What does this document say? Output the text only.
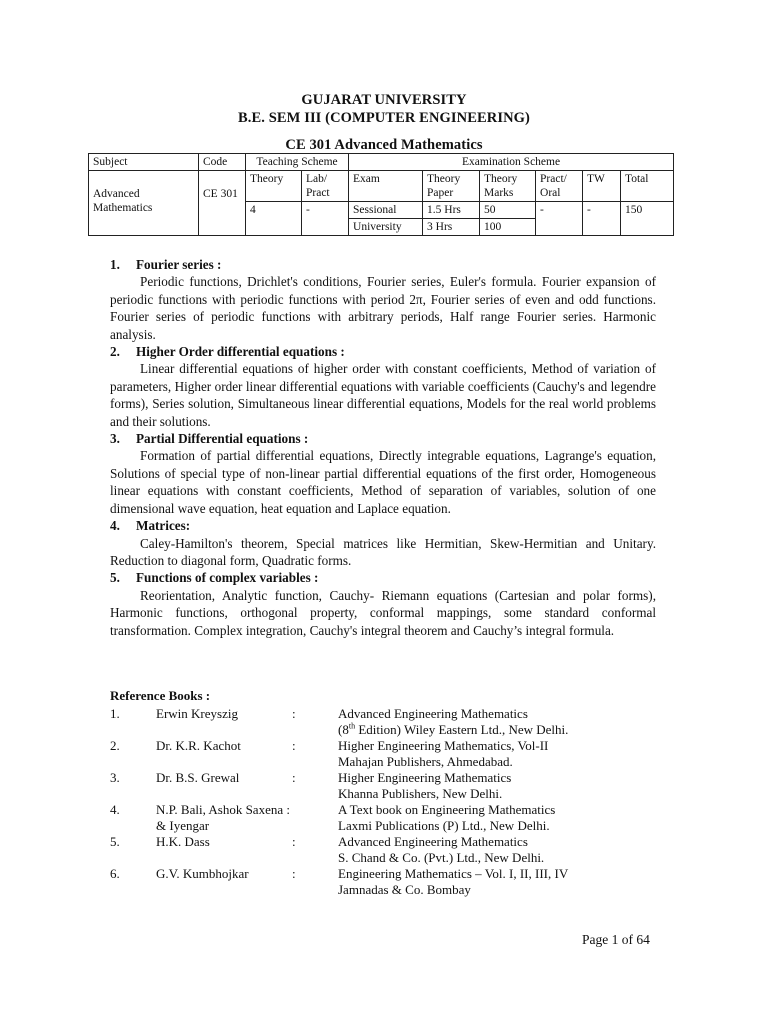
GUJARAT UNIVERSITY
B.E. SEM III (COMPUTER ENGINEERING)
CE 301 Advanced Mathematics
Subject	Code	Teaching Scheme		Examination Scheme					
Advanced Mathematics	CE 301	Theory	Lab/ Pract	Exam	Theory Paper	Theory Marks	Pract/ Oral	TW	Total
		4	-	Sessional	1.5 Hrs	50	-	-	150
				University	3 Hrs	100			

1. Fourier series :

Periodic functions, Drichlet's conditions, Fourier series, Euler's formula. Fourier expansion of periodic functions with periodic functions with period 2π, Fourier series of even and odd functions. Fourier series of periodic functions with arbitrary periods, Half range Fourier series. Harmonic analysis.

2. Higher Order differential equations :

Linear differential equations of higher order with constant coefficients, Method of variation of parameters, Higher order linear differential equations with variable coefficients (Cauchy's and legendre forms), Series solution, Simultaneous linear differential equations, Models for the real world problems and their solutions.

3. Partial Differential equations :

Formation of partial differential equations, Directly integrable equations, Lagrange's equation, Solutions of special type of non-linear partial differential equations of the first order, Homogeneous linear equations with constant coefficients, Method of separation of variables, solution of one dimensional wave equation, heat equation and Laplace equation.

4. Matrices:

Caley-Hamilton's theorem, Special matrices like Hermitian, Skew-Hermitian and Unitary. Reduction to diagonal form, Quadratic forms.

5. Functions of complex variables :

Reorientation, Analytic function, Cauchy- Riemann equations (Cartesian and polar forms), Harmonic functions, orthogonal property, conformal mappings, some standard conformal transformation. Complex integration, Cauchy's integral theorem and Cauchy’s integral formula.

Reference Books :

1.	Erwin Kreyszig	:	Advanced Engineering Mathematics
(8th Edition) Wiley Eastern Ltd., New Delhi.
2.	Dr. K.R. Kachot	:	Higher Engineering Mathematics, Vol-II
Mahajan Publishers, Ahmedabad.
3.	Dr. B.S. Grewal	:	Higher Engineering Mathematics
Khanna Publishers, New Delhi.
4.	N.P. Bali, Ashok Saxena :	A Text book on Engineering Mathematics
& Iyengar	Laxmi Publications (P) Ltd., New Delhi.
5.	H.K. Dass	:	Advanced Engineering Mathematics
S. Chand & Co. (Pvt.) Ltd., New Delhi.
6.	G.V. Kumbhojkar	:	Engineering Mathematics – Vol. I, II, III, IV
Jamnadas & Co. Bombay
Page 1 of 64
